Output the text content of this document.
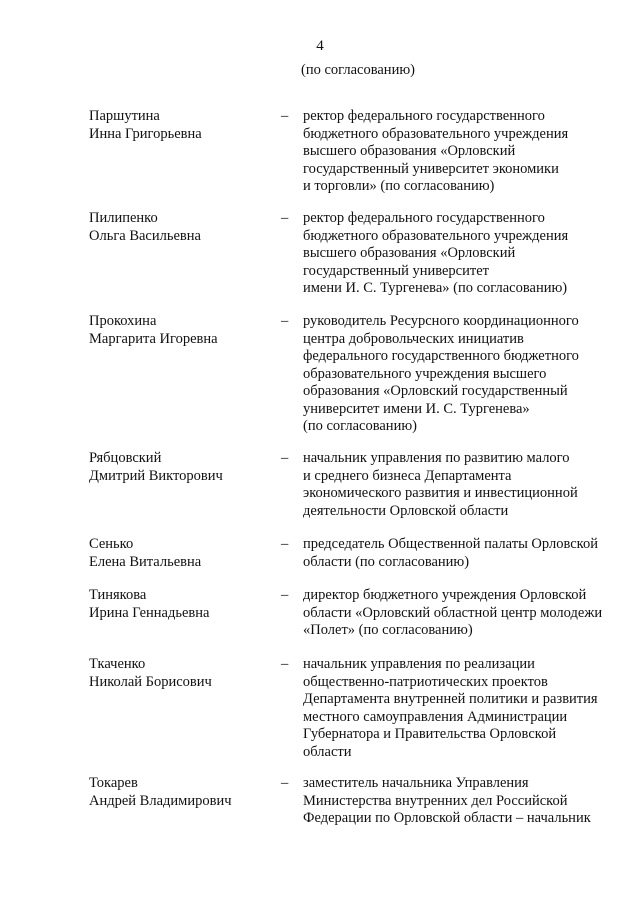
4
(по согласованию)
Паршутина
Инна Григорьевна
– ректор федерального государственного
бюджетного образовательного учреждения
высшего образования «Орловский
государственный университет экономики
и торговли» (по согласованию)
Пилипенко
Ольга Васильевна
– ректор федерального государственного
бюджетного образовательного учреждения
высшего образования «Орловский
государственный университет
имени И. С. Тургенева» (по согласованию)
Прокохина
Маргарита Игоревна
– руководитель Ресурсного координационного
центра добровольческих инициатив
федерального государственного бюджетного
образовательного учреждения высшего
образования «Орловский государственный
университет имени И. С. Тургенева»
(по согласованию)
Рябцовский
Дмитрий Викторович
– начальник управления по развитию малого
и среднего бизнеса Департамента
экономического развития и инвестиционной
деятельности Орловской области
Сенько
Елена Витальевна
– председатель Общественной палаты Орловской
области (по согласованию)
Тинякова
Ирина Геннадьевна
– директор бюджетного учреждения Орловской
области «Орловский областной центр молодежи
«Полет» (по согласованию)
Ткаченко
Николай Борисович
– начальник управления по реализации
общественно-патриотических проектов
Департамента внутренней политики и развития
местного самоуправления Администрации
Губернатора и Правительства Орловской
области
Токарев
Андрей Владимирович
– заместитель начальника Управления
Министерства внутренних дел Российской
Федерации по Орловской области – начальник
